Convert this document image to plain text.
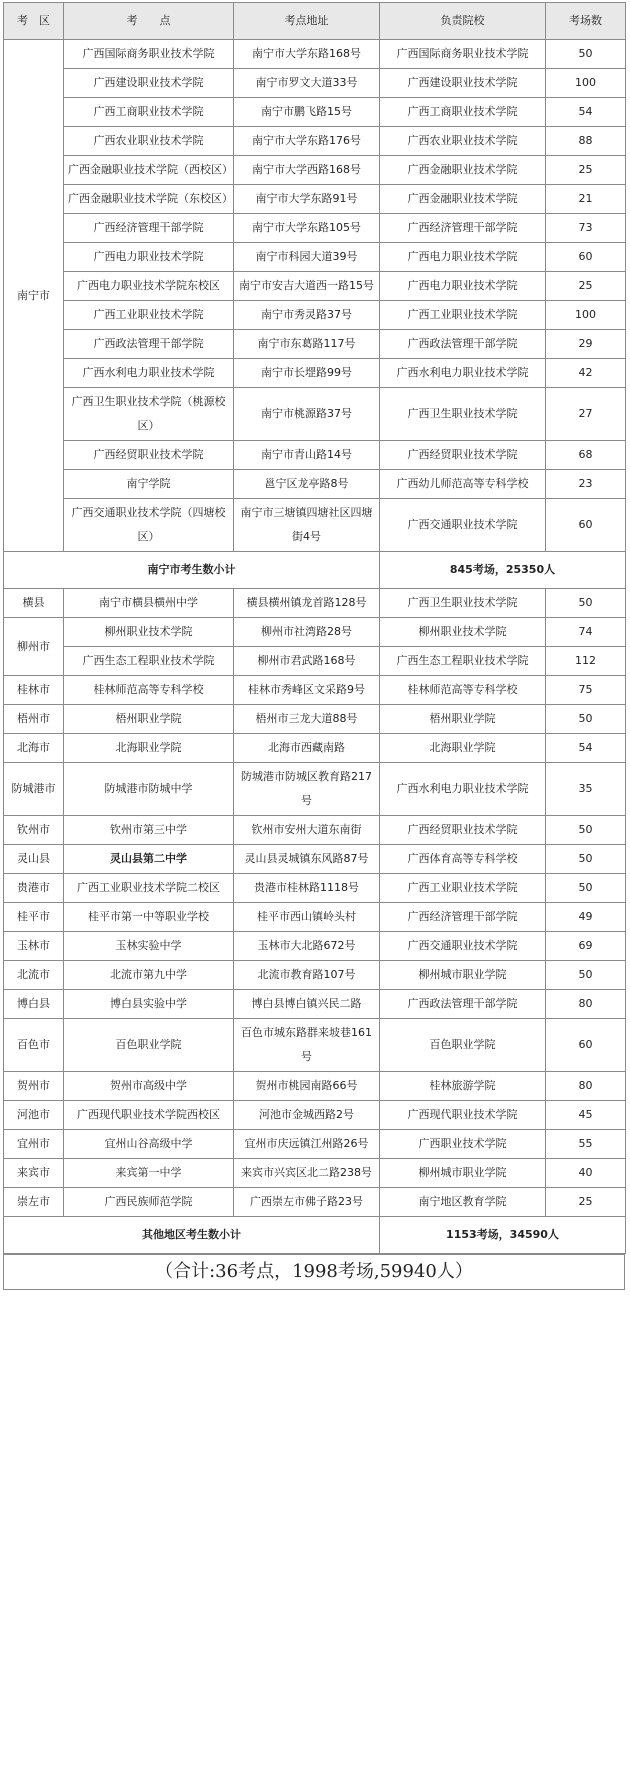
考　区	考　　点	考点地址	负责院校	考场数
南宁市	广西国际商务职业技术学院	南宁市大学东路168号	广西国际商务职业技术学院	50
	广西建设职业技术学院	南宁市罗文大道33号	广西建设职业技术学院	100
	广西工商职业技术学院	南宁市鹏飞路15号	广西工商职业技术学院	54
	广西农业职业技术学院	南宁市大学东路176号	广西农业职业技术学院	88
	广西金融职业技术学院（西校区）	南宁市大学西路168号	广西金融职业技术学院	25
	广西金融职业技术学院（东校区）	南宁市大学东路91号	广西金融职业技术学院	21
	广西经济管理干部学院	南宁市大学东路105号	广西经济管理干部学院	73
	广西电力职业技术学院	南宁市科园大道39号	广西电力职业技术学院	60
	广西电力职业技术学院东校区	南宁市安吉大道西一路15号	广西电力职业技术学院	25
	广西工业职业技术学院	南宁市秀灵路37号	广西工业职业技术学院	100
	广西政法管理干部学院	南宁市东葛路117号	广西政法管理干部学院	29
	广西水利电力职业技术学院	南宁市长堽路99号	广西水利电力职业技术学院	42
	广西卫生职业技术学院（桃源校区）	南宁市桃源路37号	广西卫生职业技术学院	27
	广西经贸职业技术学院	南宁市青山路14号	广西经贸职业技术学院	68
	南宁学院	邕宁区龙亭路8号	广西幼儿师范高等专科学校	23
	广西交通职业技术学院（四塘校区）	南宁市三塘镇四塘社区四塘街4号	广西交通职业技术学院	60
南宁市考生数小计			845考场，25350人	
横县	南宁市横县横州中学	横县横州镇龙首路128号	广西卫生职业技术学院	50
柳州市	柳州职业技术学院	柳州市社湾路28号	柳州职业技术学院	74
	广西生态工程职业技术学院	柳州市君武路168号	广西生态工程职业技术学院	112
桂林市	桂林师范高等专科学校	桂林市秀峰区文采路9号	桂林师范高等专科学校	75
梧州市	梧州职业学院	梧州市三龙大道88号	梧州职业学院	50
北海市	北海职业学院	北海市西藏南路	北海职业学院	54
防城港市	防城港市防城中学	防城港市防城区教育路217号	广西水利电力职业技术学院	35
钦州市	钦州市第三中学	钦州市安州大道东南街	广西经贸职业技术学院	50
灵山县	灵山县第二中学	灵山县灵城镇东风路87号	广西体育高等专科学校	50
贵港市	广西工业职业技术学院二校区	贵港市桂林路1118号	广西工业职业技术学院	50
桂平市	桂平市第一中等职业学校	桂平市西山镇岭头村	广西经济管理干部学院	49
玉林市	玉林实验中学	玉林市大北路672号	广西交通职业技术学院	69
北流市	北流市第九中学	北流市教育路107号	柳州城市职业学院	50
博白县	博白县实验中学	博白县博白镇兴民二路	广西政法管理干部学院	80
百色市	百色职业学院	百色市城东路群来坡巷161号	百色职业学院	60
贺州市	贺州市高级中学	贺州市桃园南路66号	桂林旅游学院	80
河池市	广西现代职业技术学院西校区	河池市金城西路2号	广西现代职业技术学院	45
宜州市	宜州山谷高级中学	宜州市庆远镇江州路26号	广西职业技术学院	55
来宾市	来宾第一中学	来宾市兴宾区北二路238号	柳州城市职业学院	40
崇左市	广西民族师范学院	广西崇左市佛子路23号	南宁地区教育学院	25
其他地区考生数小计			1153考场，34590人	
（合计:36考点，1998考场,59940人）
